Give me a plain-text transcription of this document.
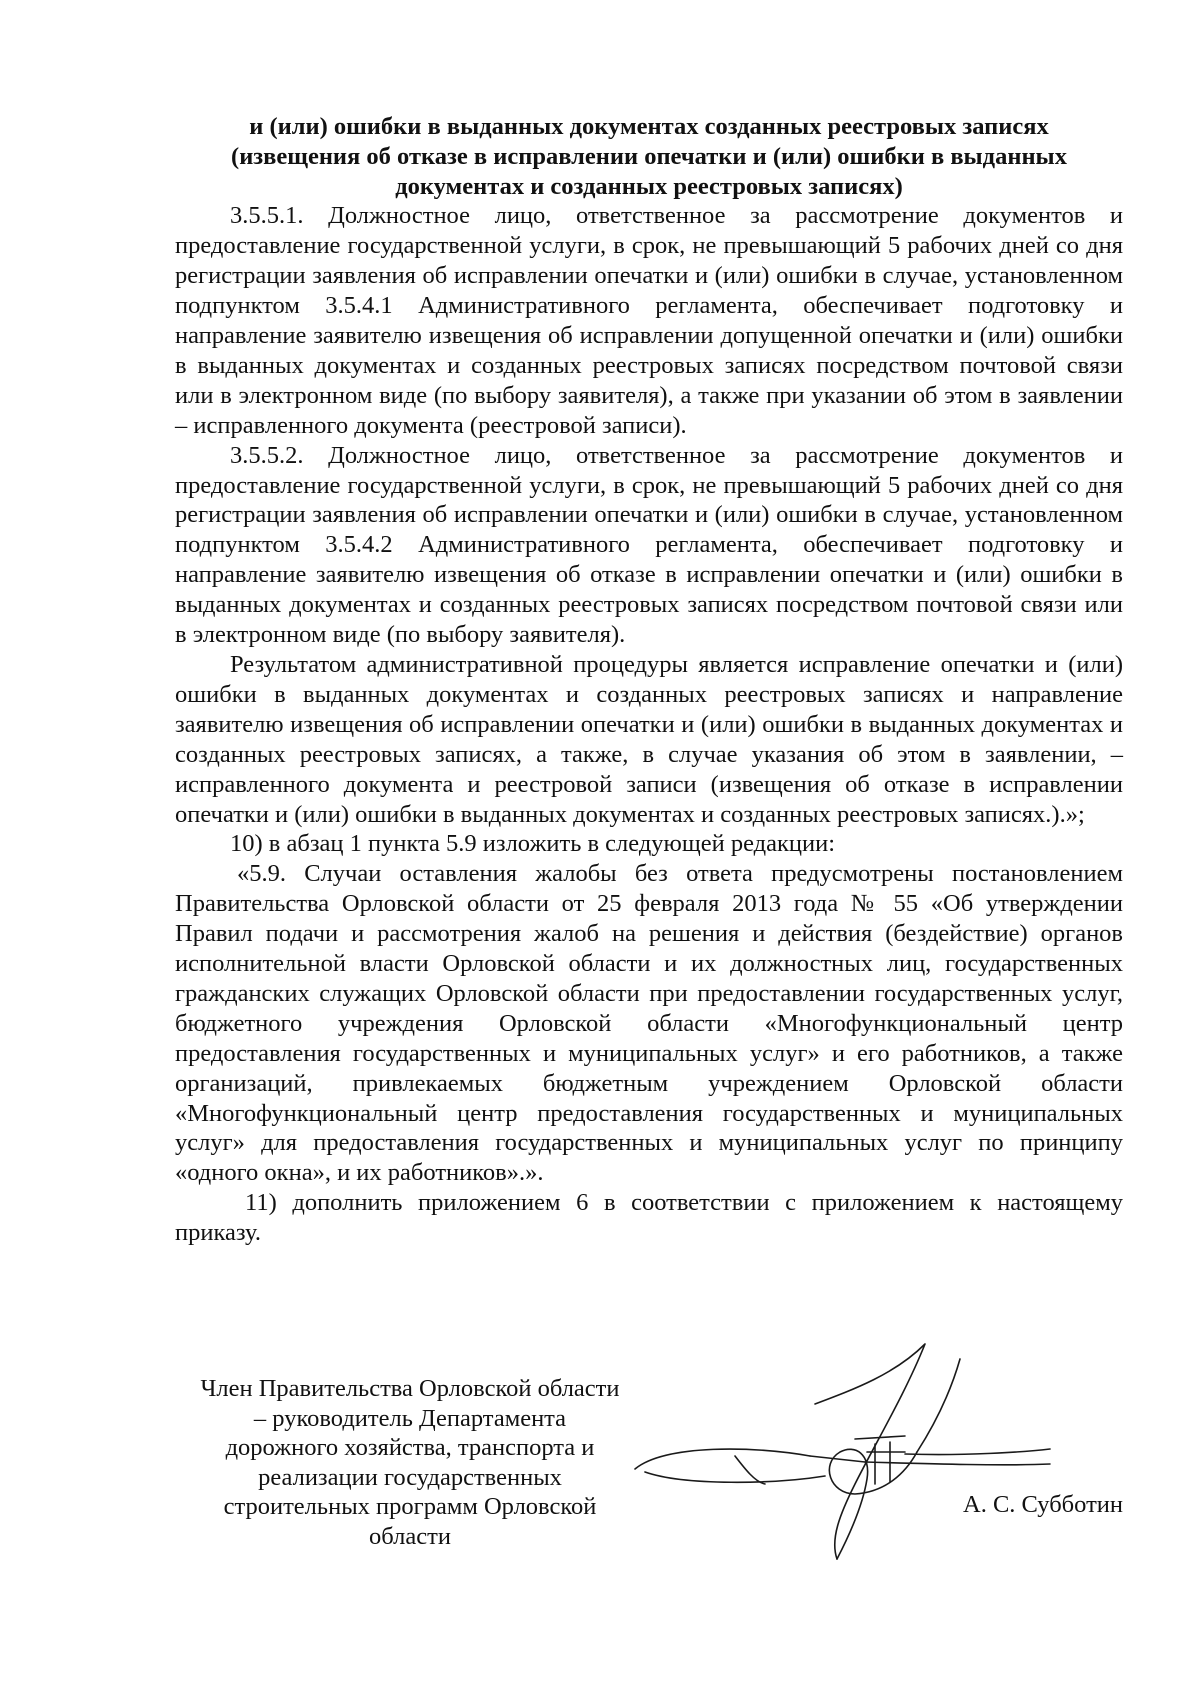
и (или) ошибки в выданных документах созданных реестровых записях
(извещения об отказе в исправлении опечатки и (или) ошибки в выданных
документах и созданных реестровых записях)

3.5.5.1. Должностное лицо, ответственное за рассмотрение документов и предоставление государственной услуги, в срок, не превышающий 5 рабочих дней со дня регистрации заявления об исправлении опечатки и (или) ошибки в случае, установленном подпунктом 3.5.4.1 Административного регламента, обеспечивает подготовку и направление заявителю извещения об исправлении допущенной опечатки и (или) ошибки в выданных документах и созданных реестровых записях посредством почтовой связи или в электронном виде (по выбору заявителя), а также при указании об этом в заявлении – исправленного документа (реестровой записи).

3.5.5.2. Должностное лицо, ответственное за рассмотрение документов и предоставление государственной услуги, в срок, не превышающий 5 рабочих дней со дня регистрации заявления об исправлении опечатки и (или) ошибки в случае, установленном подпунктом 3.5.4.2 Административного регламента, обеспечивает подготовку и направление заявителю извещения об отказе в исправлении опечатки и (или) ошибки в выданных документах и созданных реестровых записях посредством почтовой связи или в электронном виде (по выбору заявителя).

Результатом административной процедуры является исправление опечатки и (или) ошибки в выданных документах и созданных реестровых записях и направление заявителю извещения об исправлении опечатки и (или) ошибки в выданных документах и созданных реестровых записях, а также, в случае указания об этом в заявлении, – исправленного документа и реестровой записи (извещения об отказе в исправлении опечатки и (или) ошибки в выданных документах и созданных реестровых записях.).»;

10) в абзац 1 пункта 5.9 изложить в следующей редакции:

«5.9. Случаи оставления жалобы без ответа предусмотрены постановлением Правительства Орловской области от 25 февраля 2013 года № 55 «Об утверждении Правил подачи и рассмотрения жалоб на решения и действия (бездействие) органов исполнительной власти Орловской области и их должностных лиц, государственных гражданских служащих Орловской области при предоставлении государственных услуг, бюджетного учреждения Орловской области «Многофункциональный центр предоставления государственных и муниципальных услуг» и его работников, а также организаций, привлекаемых бюджетным учреждением Орловской области «Многофункциональный центр предоставления государственных и муниципальных услуг» для предоставления государственных и муниципальных услуг по принципу «одного окна», и их работников».».

11) дополнить приложением 6 в соответствии с приложением к настоящему приказу.

Член Правительства Орловской области
– руководитель Департамента
дорожного хозяйства, транспорта и
реализации государственных
строительных программ Орловской
области
А. С. Субботин
